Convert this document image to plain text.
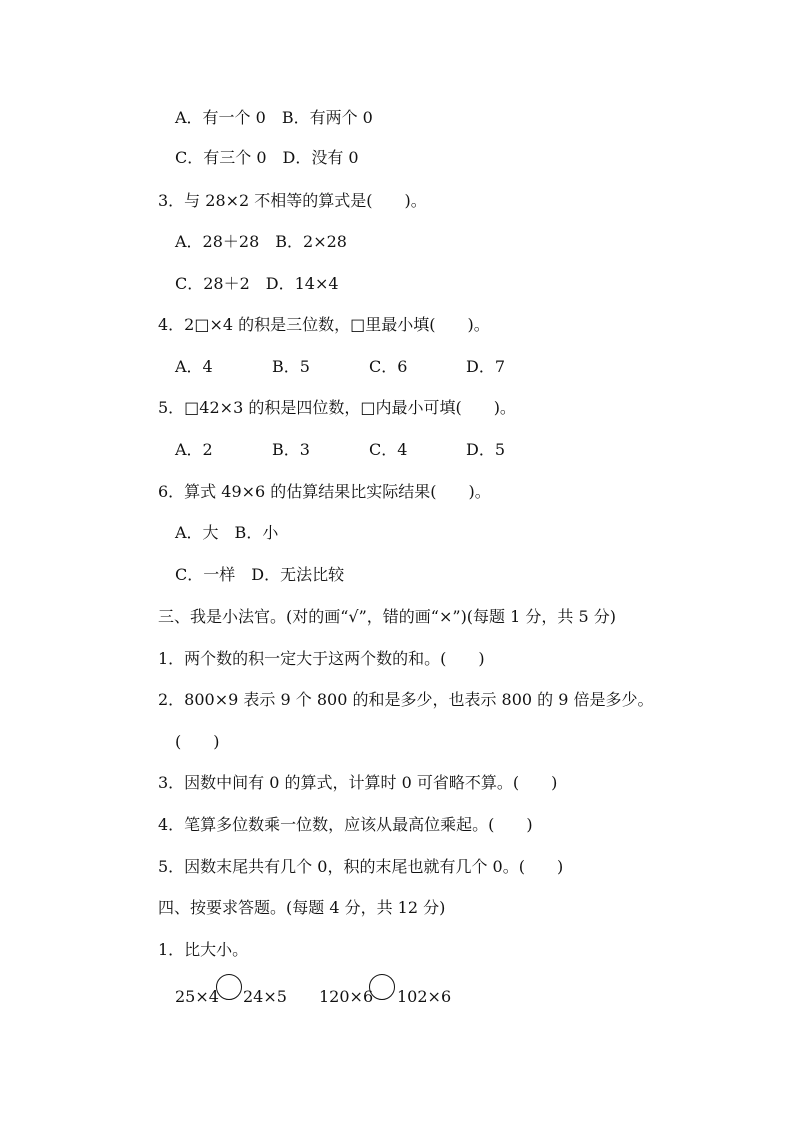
A．有一个 0　B．有两个 0
C．有三个 0　D．没有 0
3．与 28×2 不相等的算式是(　　)。
A．28＋28　B．2×28
C．28＋2　D．14×4
4．2□×4 的积是三位数，□里最小填(　　)。
A．4	B．5	C．6	D．7
5．□42×3 的积是四位数，□内最小可填(　　)。
A．2	B．3	C．4	D．5
6．算式 49×6 的估算结果比实际结果(　　)。
A．大　B．小
C．一样　D．无法比较
三、我是小法官。(对的画“√”，错的画“×”)(每题 1 分，共 5 分)
1．两个数的积一定大于这两个数的和。(　　)
2．800×9 表示 9 个 800 的和是多少，也表示 800 的 9 倍是多少。
(　　)
3．因数中间有 0 的算式，计算时 0 可省略不算。(　　)
4．笔算多位数乘一位数，应该从最高位乘起。(　　)
5．因数末尾共有几个 0，积的末尾也就有几个 0。(　　)
四、按要求答题。(每题 4 分，共 12 分)
1．比大小。
25×4 24×5 120×6 102×6
